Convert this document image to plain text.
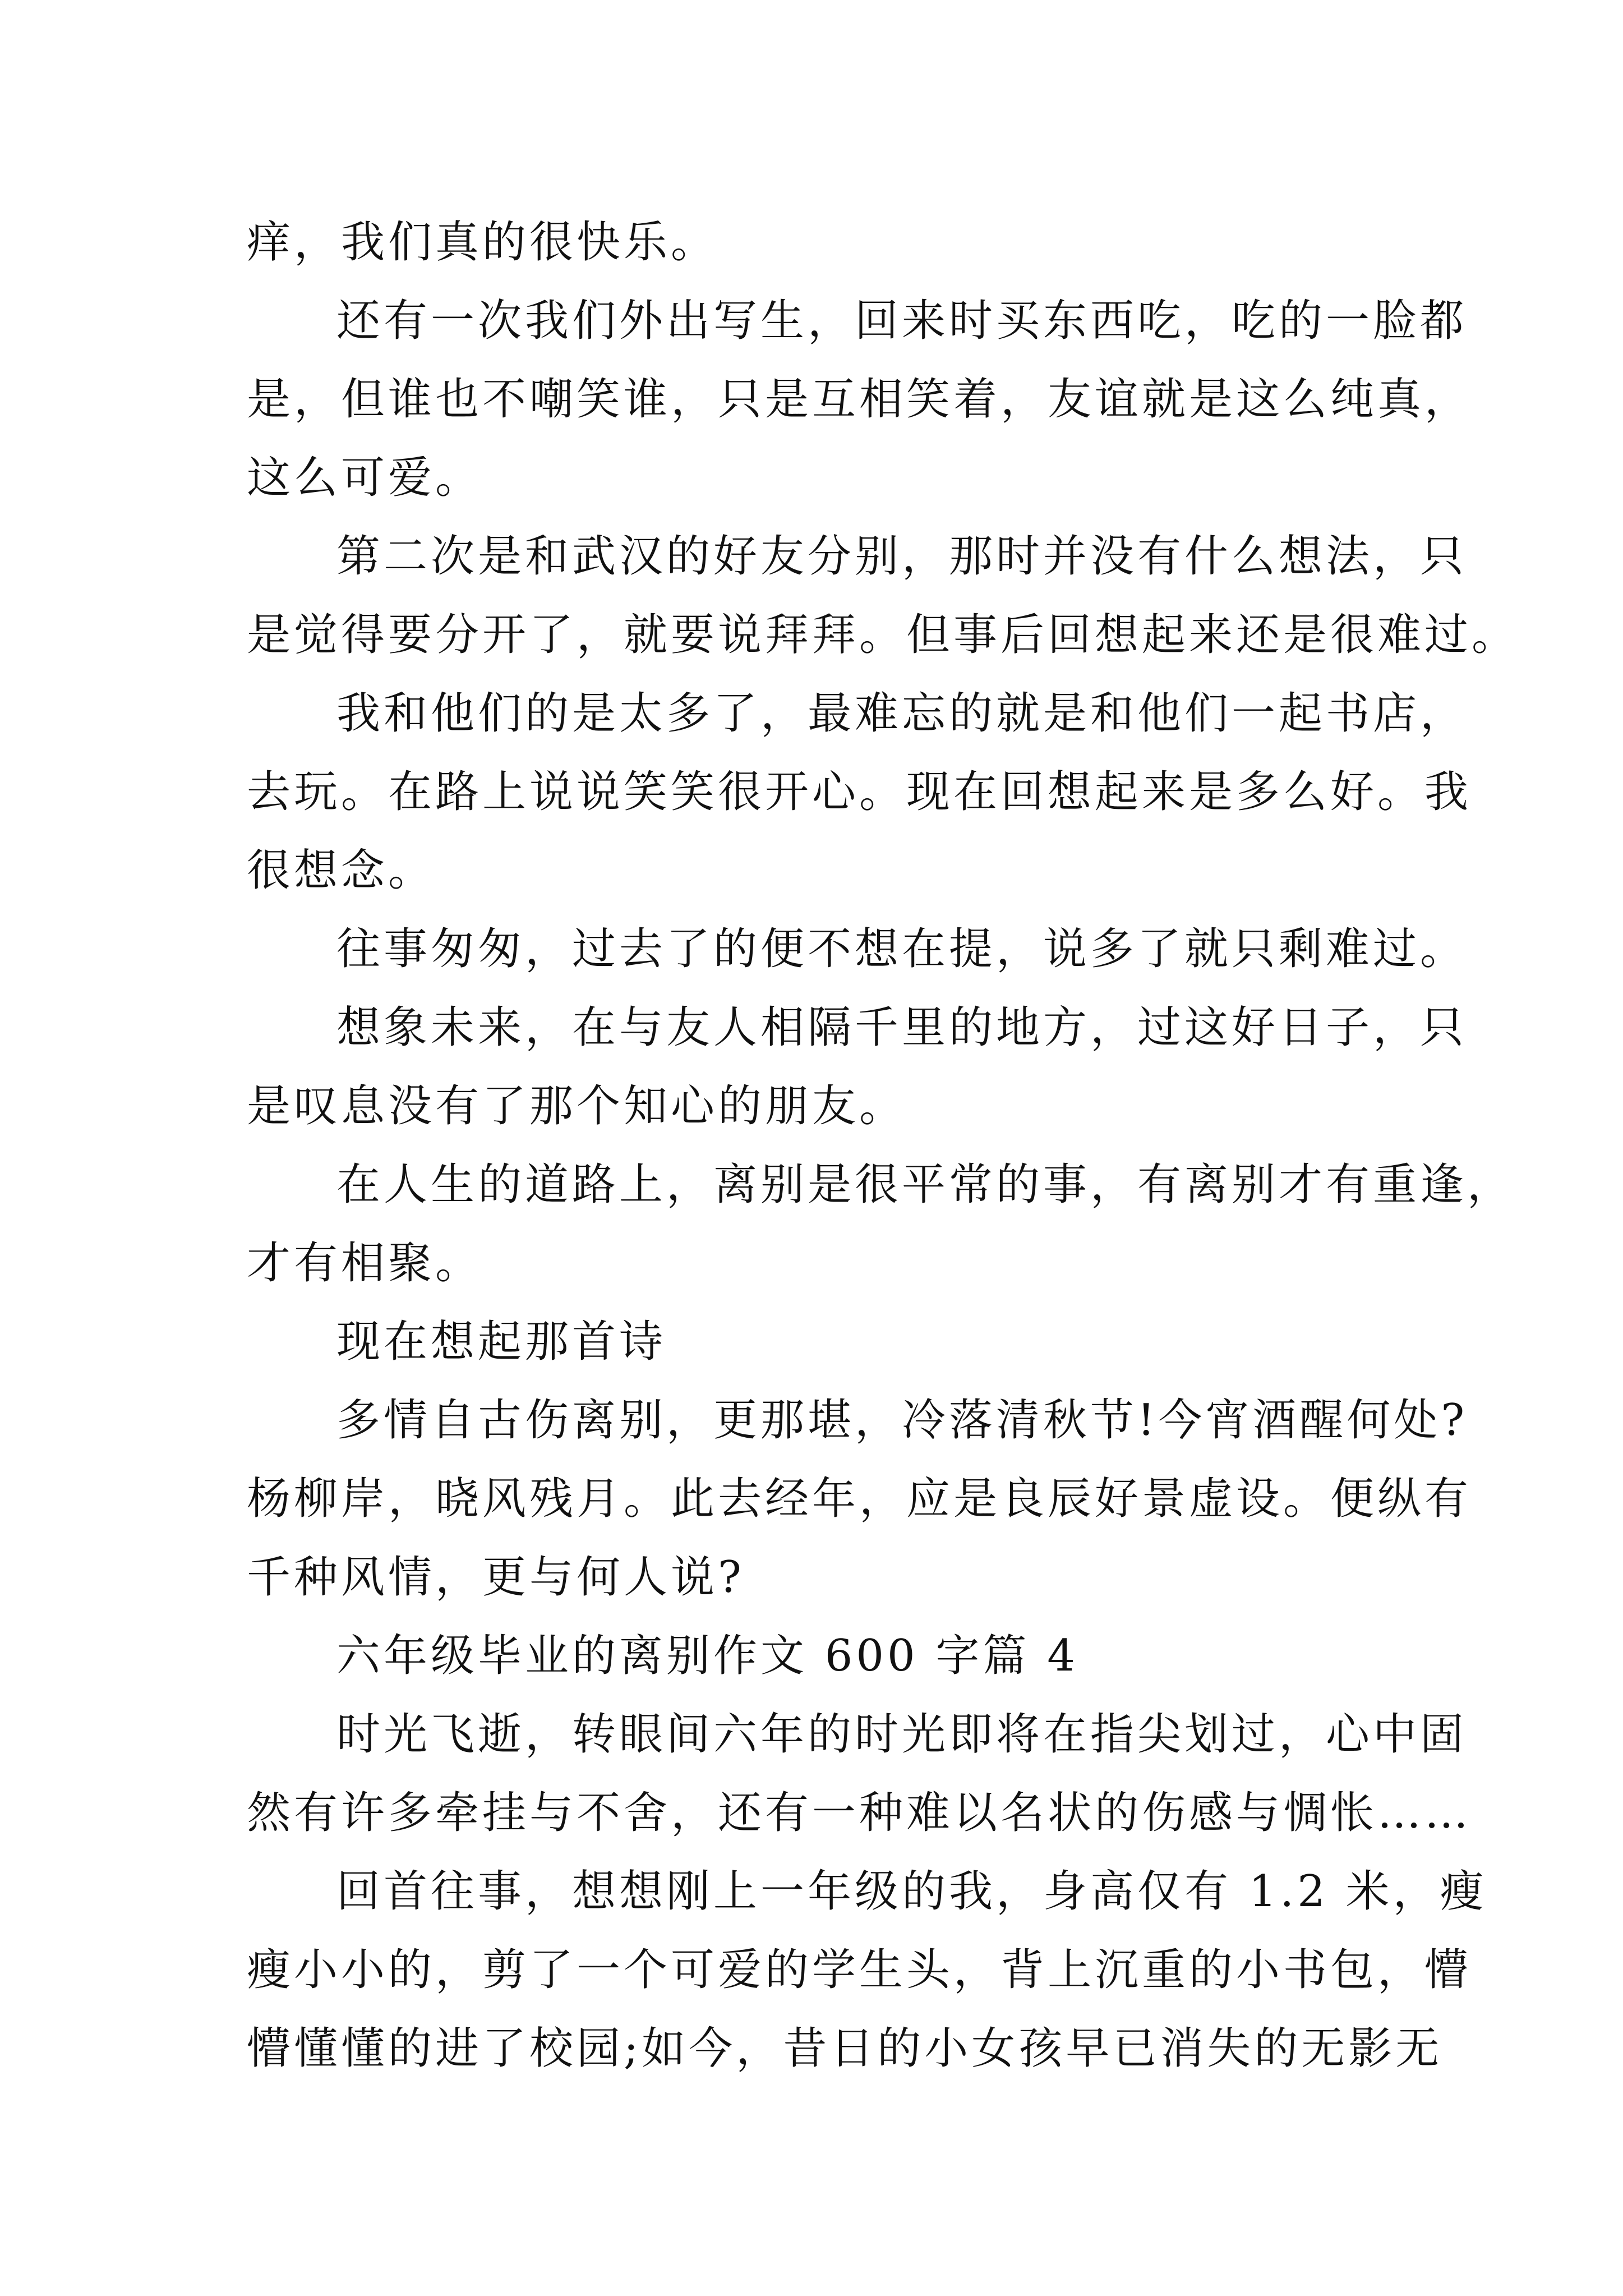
痒，我们真的很快乐。
还有一次我们外出写生，回来时买东西吃，吃的一脸都
是，但谁也不嘲笑谁，只是互相笑着，友谊就是这么纯真，
这么可爱。
第二次是和武汉的好友分别，那时并没有什么想法，只
是觉得要分开了，就要说拜拜。但事后回想起来还是很难过。
我和他们的是太多了，最难忘的就是和他们一起书店，
去玩。在路上说说笑笑很开心。现在回想起来是多么好。我
很想念。
往事匆匆，过去了的便不想在提，说多了就只剩难过。
想象未来，在与友人相隔千里的地方，过这好日子，只
是叹息没有了那个知心的朋友。
在人生的道路上，离别是很平常的事，有离别才有重逢，
才有相聚。
现在想起那首诗
多情自古伤离别，更那堪，冷落清秋节!今宵酒醒何处?
杨柳岸，晓风残月。此去经年，应是良辰好景虚设。便纵有
千种风情，更与何人说?
六年级毕业的离别作文 600 字篇 4
时光飞逝，转眼间六年的时光即将在指尖划过，心中固
然有许多牵挂与不舍，还有一种难以名状的伤感与惆怅……
回首往事，想想刚上一年级的我，身高仅有 1.2 米，瘦
瘦小小的，剪了一个可爱的学生头，背上沉重的小书包，懵
懵懂懂的进了校园;如今，昔日的小女孩早已消失的无影无
